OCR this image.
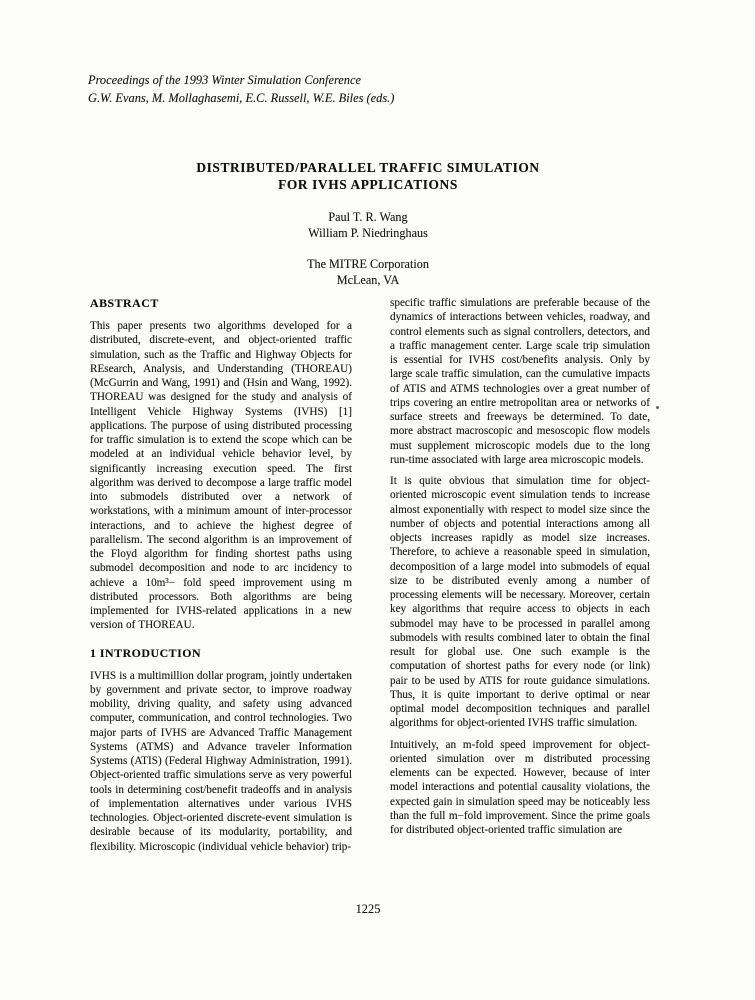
Proceedings of the 1993 Winter Simulation Conference
G.W. Evans, M. Mollaghasemi, E.C. Russell, W.E. Biles (eds.)
DISTRIBUTED/PARALLEL TRAFFIC SIMULATION
FOR IVHS APPLICATIONS
Paul T. R. Wang
William P. Niedringhaus
The MITRE Corporation
McLean, VA
ABSTRACT

This paper presents two algorithms developed for a distributed, discrete-event, and object-oriented traffic simulation, such as the Traffic and Highway Objects for REsearch, Analysis, and Understanding (THOREAU) (McGurrin and Wang, 1991) and (Hsin and Wang, 1992). THOREAU was designed for the study and analysis of Intelligent Vehicle Highway Systems (IVHS) [1] applications. The purpose of using distributed processing for traffic simulation is to extend the scope which can be modeled at an individual vehicle behavior level, by significantly increasing execution speed. The first algorithm was derived to decompose a large traffic model into submodels distributed over a network of workstations, with a minimum amount of inter-processor interactions, and to achieve the highest degree of parallelism. The second algorithm is an improvement of the Floyd algorithm for finding shortest paths using submodel decomposition and node to arc incidency to achieve a 10m³− fold speed improvement using m distributed processors. Both algorithms are being implemented for IVHS-related applications in a new version of THOREAU.

1 INTRODUCTION

IVHS is a multimillion dollar program, jointly undertaken by government and private sector, to improve roadway mobility, driving quality, and safety using advanced computer, communication, and control technologies. Two major parts of IVHS are Advanced Traffic Management Systems (ATMS) and Advance traveler Information Systems (ATIS) (Federal Highway Administration, 1991). Object-oriented traffic simulations serve as very powerful tools in determining cost/benefit tradeoffs and in analysis of implementation alternatives under various IVHS technologies. Object-oriented discrete-event simulation is desirable because of its modularity, portability, and flexibility. Microscopic (individual vehicle behavior) trip-

specific traffic simulations are preferable because of the dynamics of interactions between vehicles, roadway, and control elements such as signal controllers, detectors, and a traffic management center. Large scale trip simulation is essential for IVHS cost/benefits analysis. Only by large scale traffic simulation, can the cumulative impacts of ATIS and ATMS technologies over a great number of trips covering an entire metropolitan area or networks of surface streets and freeways be determined. To date, more abstract macroscopic and mesoscopic flow models must supplement microscopic models due to the long run-time associated with large area microscopic models.

It is quite obvious that simulation time for object-oriented microscopic event simulation tends to increase almost exponentially with respect to model size since the number of objects and potential interactions among all objects increases rapidly as model size increases. Therefore, to achieve a reasonable speed in simulation, decomposition of a large model into submodels of equal size to be distributed evenly among a number of processing elements will be necessary. Moreover, certain key algorithms that require access to objects in each submodel may have to be processed in parallel among submodels with results combined later to obtain the final result for global use. One such example is the computation of shortest paths for every node (or link) pair to be used by ATIS for route guidance simulations. Thus, it is quite important to derive optimal or near optimal model decomposition techniques and parallel algorithms for object-oriented IVHS traffic simulation.

Intuitively, an m-fold speed improvement for object-oriented simulation over m distributed processing elements can be expected. However, because of inter model interactions and potential causality violations, the expected gain in simulation speed may be noticeably less than the full m−fold improvement. Since the prime goals for distributed object-oriented traffic simulation are

1225
